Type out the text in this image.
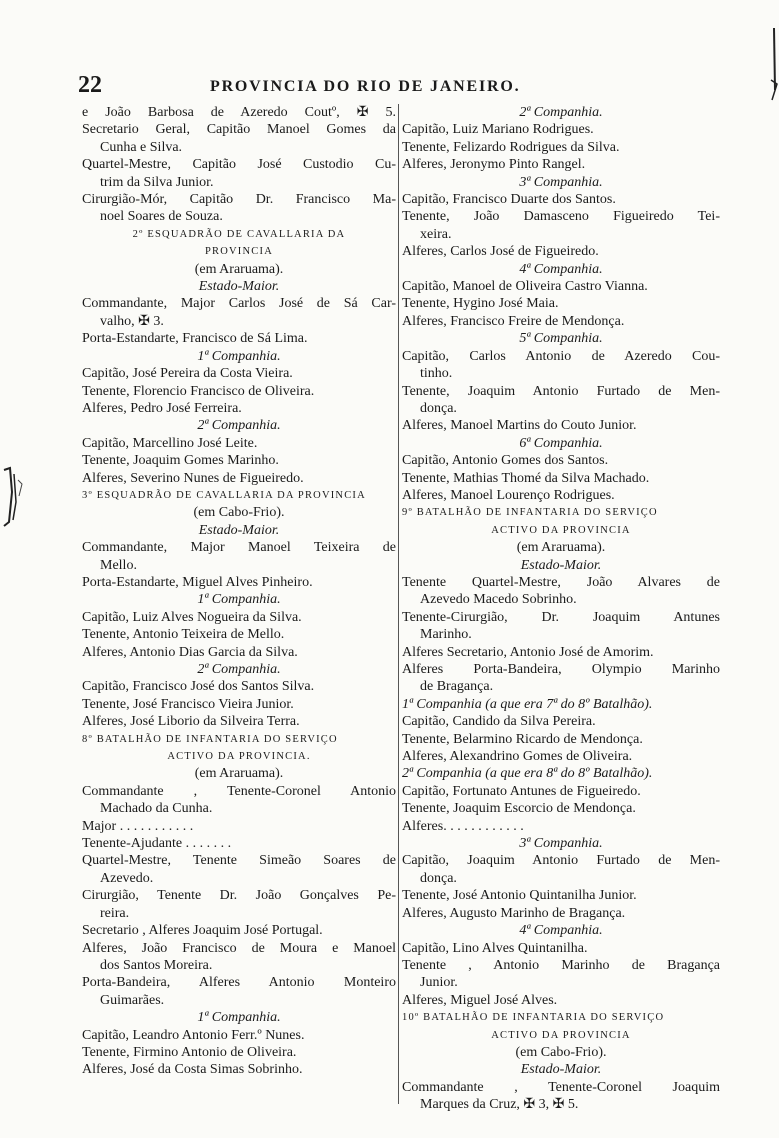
22	PROVINCIA DO RIO DE JANEIRO.
e João Barbosa de Azeredo Coutº, ✠ 5.
Secretario Geral, Capitão Manoel Gomes da
Cunha e Silva.
Quartel-Mestre, Capitão José Custodio Cu-
trim da Silva Junior.
Cirurgião-Mór, Capitão Dr. Francisco Ma-
noel Soares de Souza.
2º ESQUADRÃO DE CAVALLARIA DA
PROVINCIA
(em Araruama).
Estado-Maior.
Commandante, Major Carlos José de Sá Car-
valho, ✠ 3.
Porta-Estandarte, Francisco de Sá Lima.
1ª Companhia.
Capitão, José Pereira da Costa Vieira.
Tenente, Florencio Francisco de Oliveira.
Alferes, Pedro José Ferreira.
2ª Companhia.
Capitão, Marcellino José Leite.
Tenente, Joaquim Gomes Marinho.
Alferes, Severino Nunes de Figueiredo.
3º ESQUADRÃO DE CAVALLARIA DA PROVINCIA
(em Cabo-Frio).
Estado-Maior.
Commandante, Major Manoel Teixeira de
Mello.
Porta-Estandarte, Miguel Alves Pinheiro.
1ª Companhia.
Capitão, Luiz Alves Nogueira da Silva.
Tenente, Antonio Teixeira de Mello.
Alferes, Antonio Dias Garcia da Silva.
2ª Companhia.
Capitão, Francisco José dos Santos Silva.
Tenente, José Francisco Vieira Junior.
Alferes, José Liborio da Silveira Terra.
8º BATALHÃO DE INFANTARIA DO SERVIÇO
ACTIVO DA PROVINCIA.
(em Araruama).
Commandante , Tenente-Coronel Antonio
Machado da Cunha.
Major . . . . . . . . . . .
Tenente-Ajudante . . . . . . .
Quartel-Mestre, Tenente Simeão Soares de
Azevedo.
Cirurgião, Tenente Dr. João Gonçalves Pe-
reira.
Secretario , Alferes Joaquim José Portugal.
Alferes, João Francisco de Moura e Manoel
dos Santos Moreira.
Porta-Bandeira, Alferes Antonio Monteiro
Guimarães.
1ª Companhia.
Capitão, Leandro Antonio Ferr.º Nunes.
Tenente, Firmino Antonio de Oliveira.
Alferes, José da Costa Simas Sobrinho.
2ª Companhia.
Capitão, Luiz Mariano Rodrigues.
Tenente, Felizardo Rodrigues da Silva.
Alferes, Jeronymo Pinto Rangel.
3ª Companhia.
Capitão, Francisco Duarte dos Santos.
Tenente, João Damasceno Figueiredo Tei-
xeira.
Alferes, Carlos José de Figueiredo.
4ª Companhia.
Capitão, Manoel de Oliveira Castro Vianna.
Tenente, Hygino José Maia.
Alferes, Francisco Freire de Mendonça.
5ª Companhia.
Capitão, Carlos Antonio de Azeredo Cou-
tinho.
Tenente, Joaquim Antonio Furtado de Men-
donça.
Alferes, Manoel Martins do Couto Junior.
6ª Companhia.
Capitão, Antonio Gomes dos Santos.
Tenente, Mathias Thomé da Silva Machado.
Alferes, Manoel Lourenço Rodrigues.
9º BATALHÃO DE INFANTARIA DO SERVIÇO
ACTIVO DA PROVINCIA
(em Araruama).
Estado-Maior.
Tenente Quartel-Mestre, João Alvares de
Azevedo Macedo Sobrinho.
Tenente-Cirurgião, Dr. Joaquim Antunes
Marinho.
Alferes Secretario, Antonio José de Amorim.
Alferes Porta-Bandeira, Olympio Marinho
de Bragança.
1ª Companhia (a que era 7ª do 8º Batalhão).
Capitão, Candido da Silva Pereira.
Tenente, Belarmino Ricardo de Mendonça.
Alferes, Alexandrino Gomes de Oliveira.
2ª Companhia (a que era 8ª do 8º Batalhão).
Capitão, Fortunato Antunes de Figueiredo.
Tenente, Joaquim Escorcio de Mendonça.
Alferes. . . . . . . . . . . .
3ª Companhia.
Capitão, Joaquim Antonio Furtado de Men-
donça.
Tenente, José Antonio Quintanilha Junior.
Alferes, Augusto Marinho de Bragança.
4ª Companhia.
Capitão, Lino Alves Quintanilha.
Tenente , Antonio Marinho de Bragança
Junior.
Alferes, Miguel José Alves.
10º BATALHÃO DE INFANTARIA DO SERVIÇO
ACTIVO DA PROVINCIA
(em Cabo-Frio).
Estado-Maior.
Commandante , Tenente-Coronel Joaquim
Marques da Cruz, ✠ 3, ✠ 5.
